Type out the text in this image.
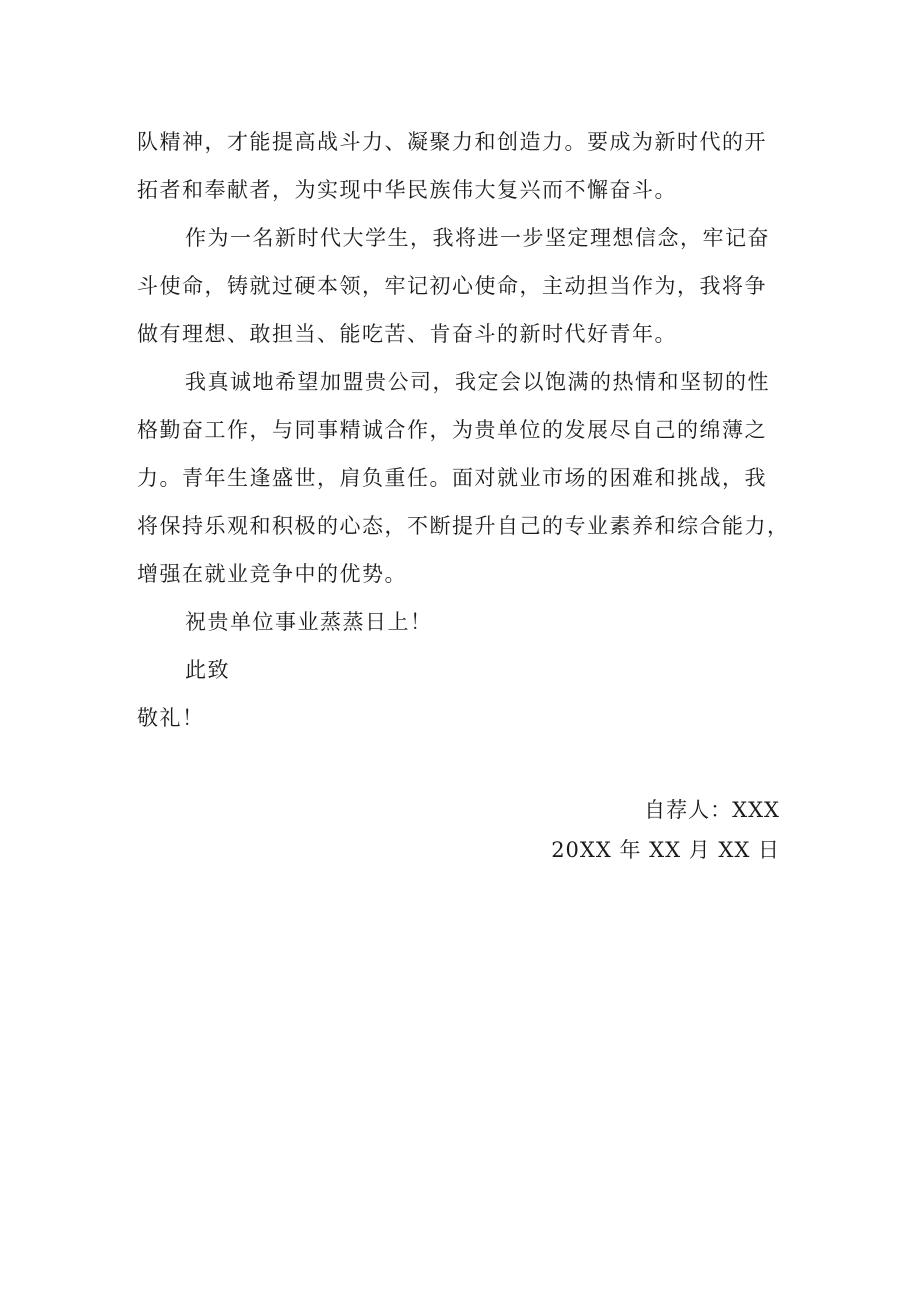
队精神，才能提高战斗力、凝聚力和创造力。要成为新时代的开
拓者和奉献者，为实现中华民族伟大复兴而不懈奋斗。

作为一名新时代大学生，我将进一步坚定理想信念，牢记奋
斗使命，铸就过硬本领，牢记初心使命，主动担当作为，我将争
做有理想、敢担当、能吃苦、肯奋斗的新时代好青年。

我真诚地希望加盟贵公司，我定会以饱满的热情和坚韧的性
格勤奋工作，与同事精诚合作，为贵单位的发展尽自己的绵薄之
力。青年生逢盛世，肩负重任。面对就业市场的困难和挑战，我
将保持乐观和积极的心态，不断提升自己的专业素养和综合能力，
增强在就业竞争中的优势。

祝贵单位事业蒸蒸日上！

此致

敬礼！

自荐人：XXX
20XX 年 XX 月 XX 日
